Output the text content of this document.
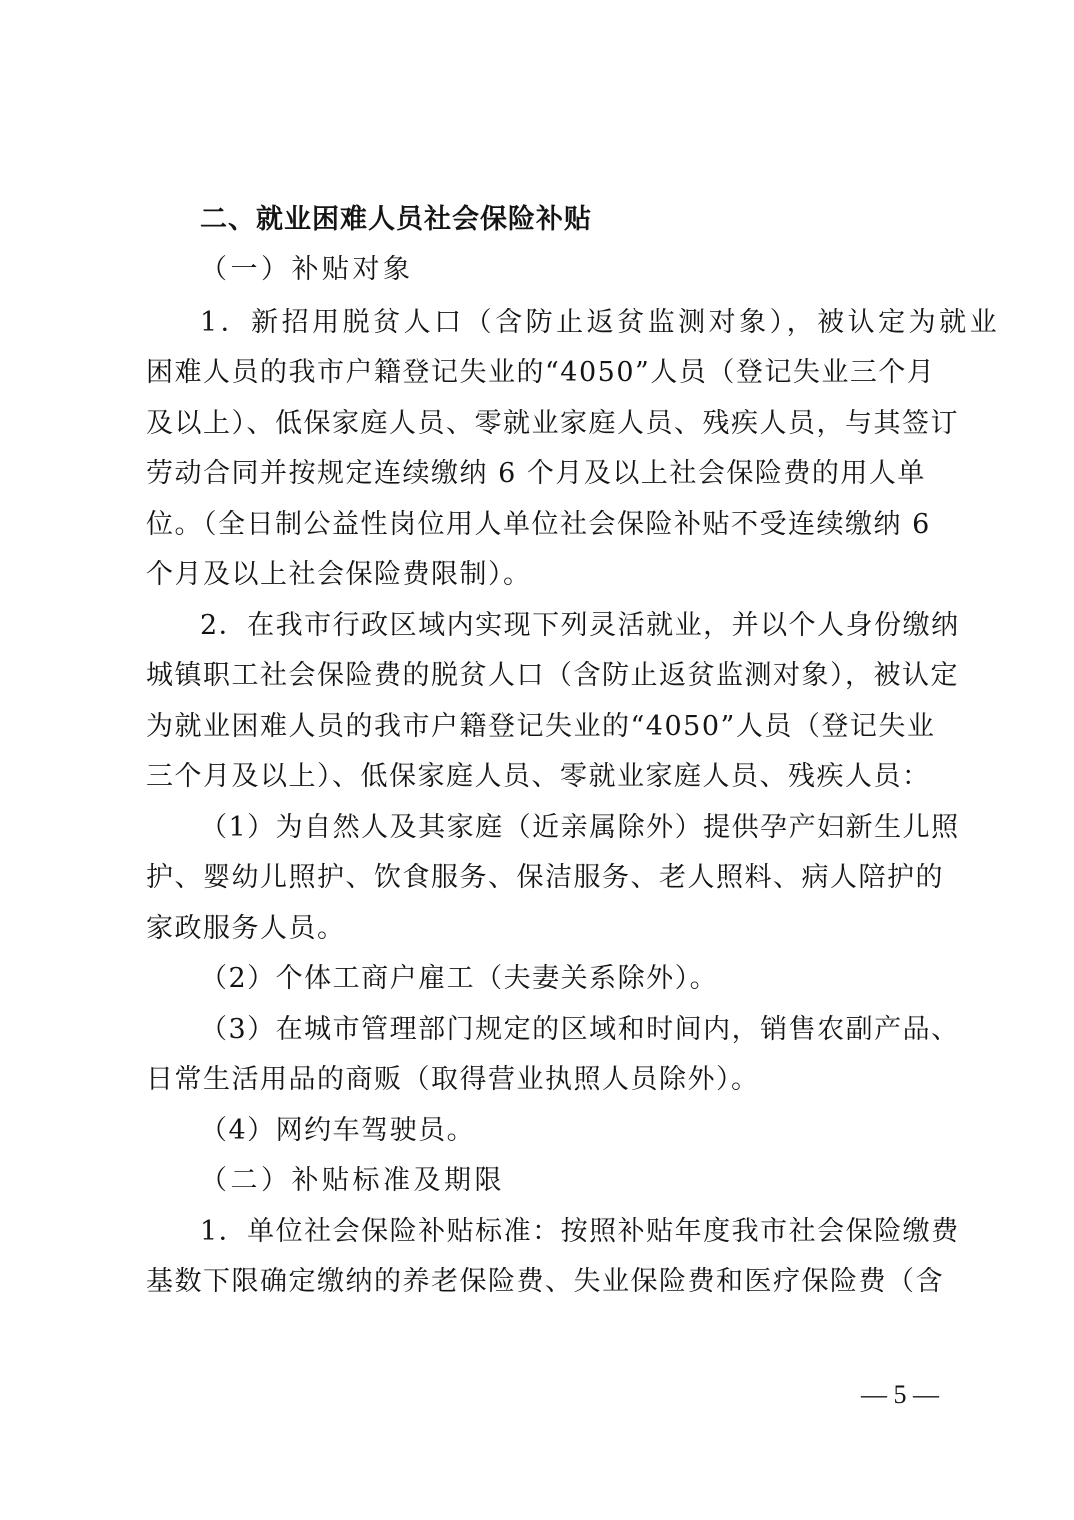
二、就业困难人员社会保险补贴
（一）补贴对象
1．新招用脱贫人口（含防止返贫监测对象），被认定为就业
困难人员的我市户籍登记失业的“4050”人员（登记失业三个月
及以上）、低保家庭人员、零就业家庭人员、残疾人员，与其签订
劳动合同并按规定连续缴纳 6 个月及以上社会保险费的用人单
位。（全日制公益性岗位用人单位社会保险补贴不受连续缴纳 6
个月及以上社会保险费限制）。
2．在我市行政区域内实现下列灵活就业，并以个人身份缴纳
城镇职工社会保险费的脱贫人口（含防止返贫监测对象），被认定
为就业困难人员的我市户籍登记失业的“4050”人员（登记失业
三个月及以上）、低保家庭人员、零就业家庭人员、残疾人员：
（1）为自然人及其家庭（近亲属除外）提供孕产妇新生儿照
护、婴幼儿照护、饮食服务、保洁服务、老人照料、病人陪护的
家政服务人员。
（2）个体工商户雇工（夫妻关系除外）。
（3）在城市管理部门规定的区域和时间内，销售农副产品、
日常生活用品的商贩（取得营业执照人员除外）。
（4）网约车驾驶员。
（二）补贴标准及期限
1．单位社会保险补贴标准：按照补贴年度我市社会保险缴费
基数下限确定缴纳的养老保险费、失业保险费和医疗保险费（含
— 5 —
